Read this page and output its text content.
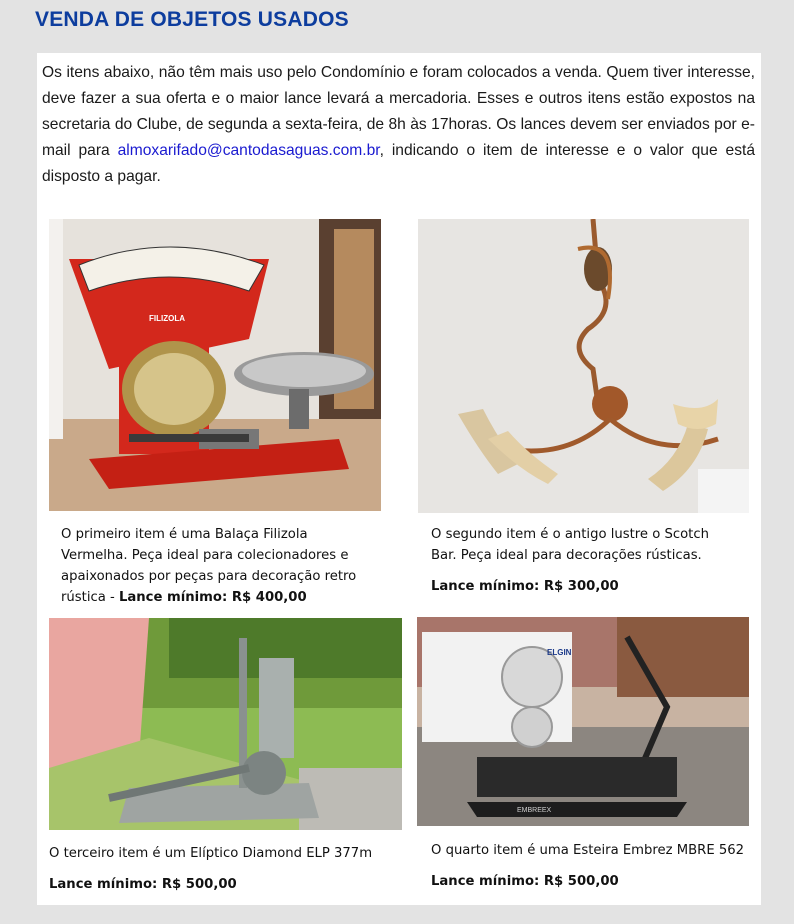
VENDA DE OBJETOS USADOS

Os itens abaixo, não têm mais uso pelo Condomínio e foram colocados a venda. Quem tiver interesse, deve fazer a sua oferta e o maior lance levará a mercadoria. Esses e outros itens estão expostos na secretaria do Clube, de segunda a sexta-feira, de 8h às 17horas. Os lances devem ser enviados por e-mail para almoxarifado@cantodasaguas.com.br, indicando o item de interesse e o valor que está disposto a pagar.

FILIZOLA

O primeiro item é uma Balaça Filizola Vermelha. Peça ideal para colecionadores e apaixonados por peças para decoração retro rústica - Lance mínimo: R$ 400,00

O segundo item é o antigo lustre o Scotch Bar. Peça ideal para decorações rústicas.

Lance mínimo: R$ 300,00

O terceiro item é um Elíptico Diamond ELP 377m

Lance mínimo: R$ 500,00
ELGIN
EMBREEX

O quarto item é uma Esteira Embrez MBRE 562

Lance mínimo: R$ 500,00
